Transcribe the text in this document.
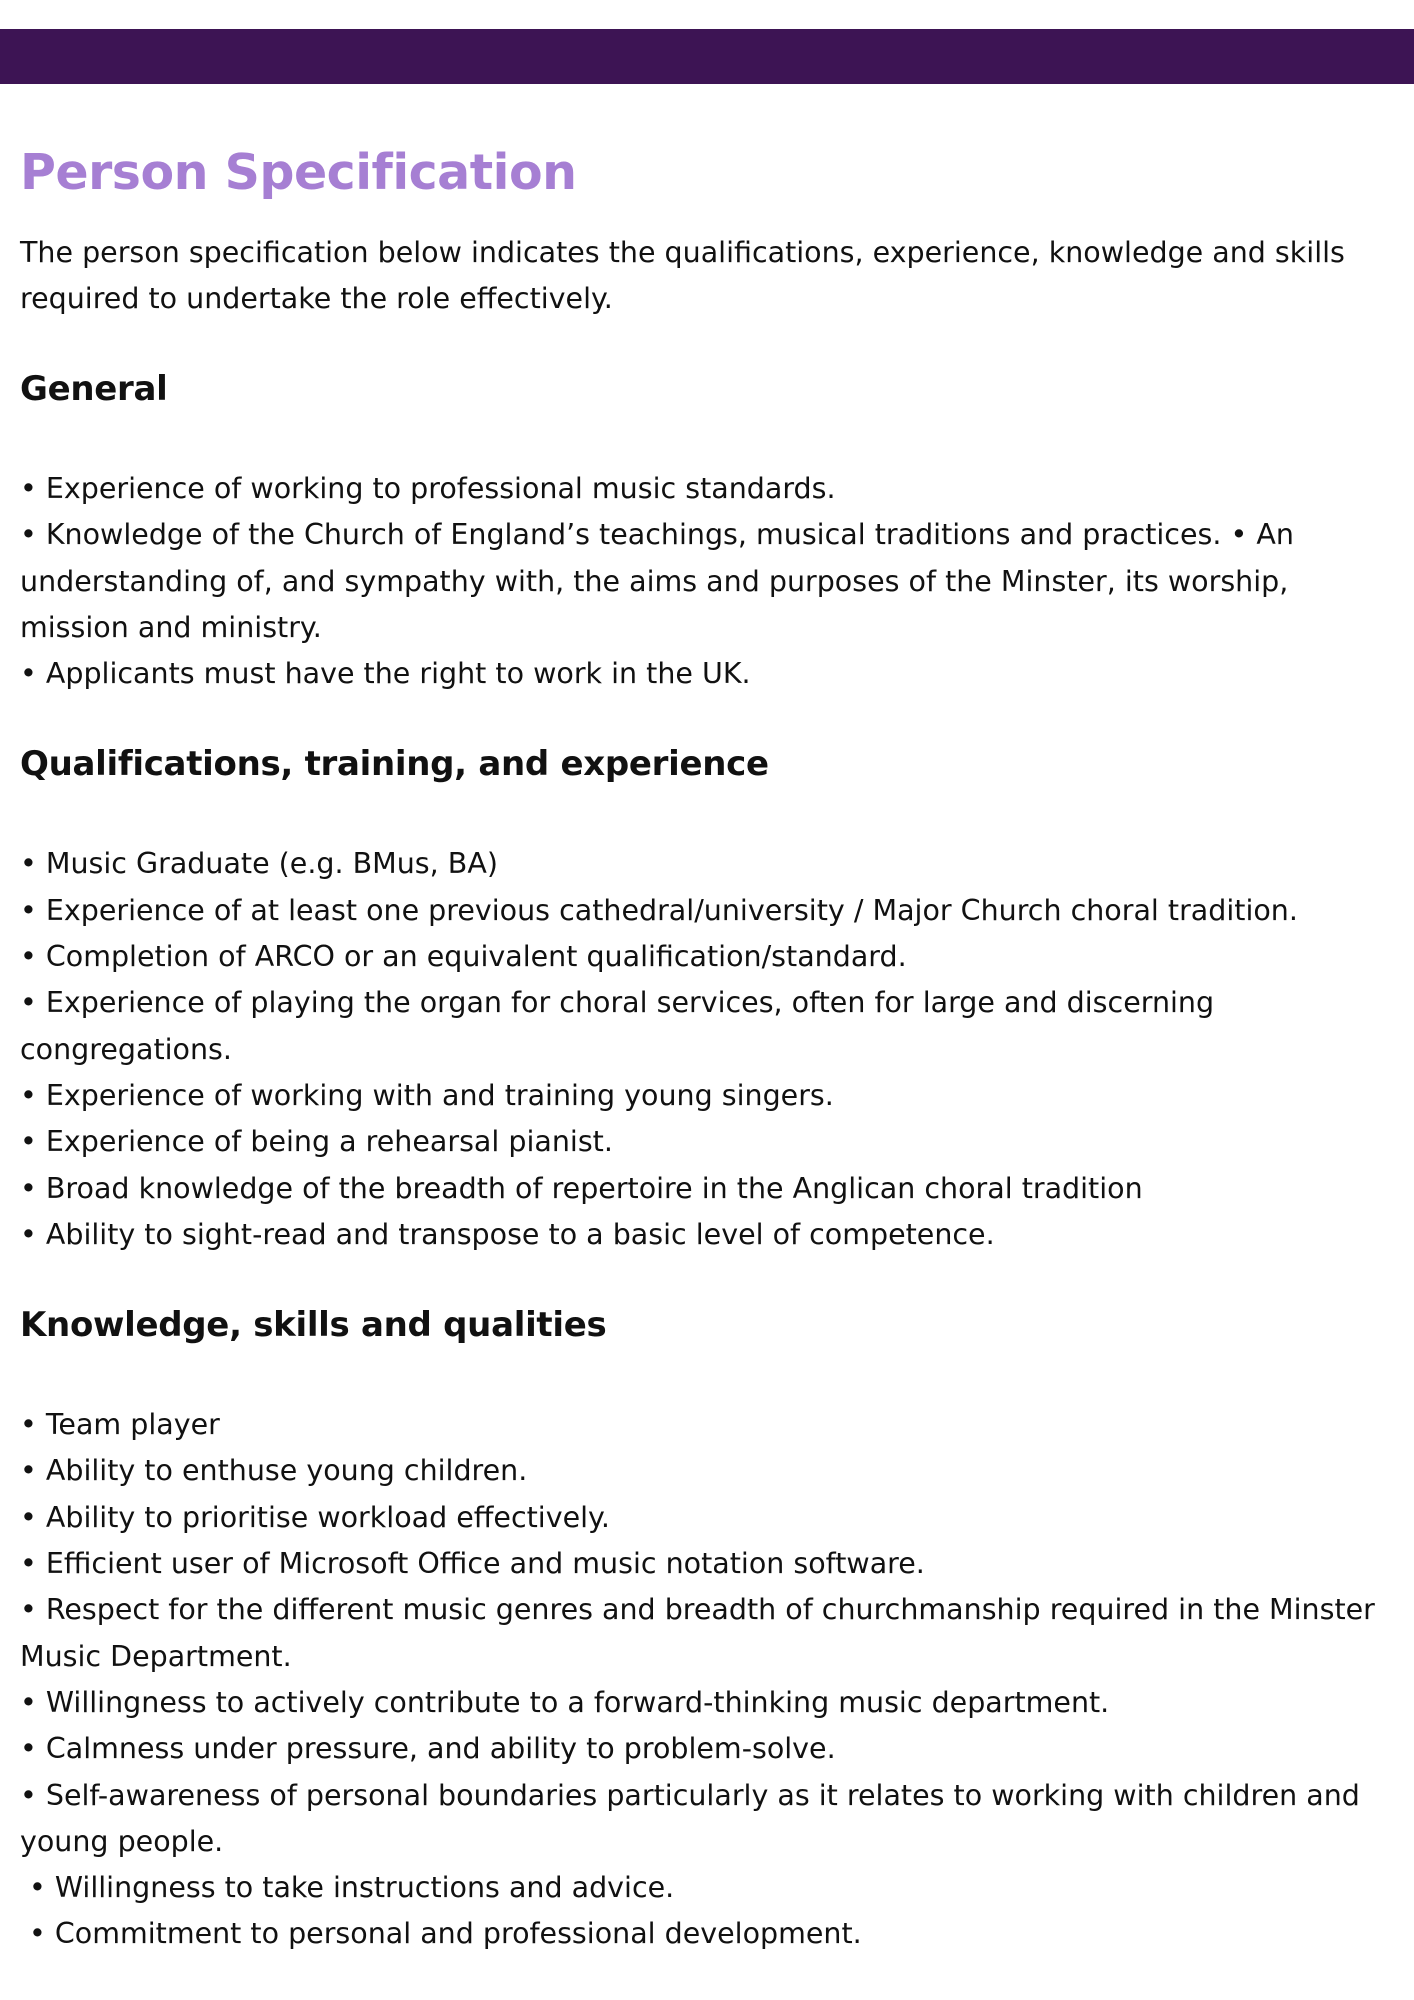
Person Specification

The person specification below indicates the qualifications, experience, knowledge and skills required to undertake the role effectively.

General
• Experience of working to professional music standards.
• Knowledge of the Church of England’s teachings, musical traditions and practices. • An understanding of, and sympathy with, the aims and purposes of the Minster, its worship, mission and ministry.
• Applicants must have the right to work in the UK.
Qualifications, training, and experience
• Music Graduate (e.g. BMus, BA)
• Experience of at least one previous cathedral/university / Major Church choral tradition.
• Completion of ARCO or an equivalent qualification/standard.
• Experience of playing the organ for choral services, often for large and discerning congregations.
• Experience of working with and training young singers.
• Experience of being a rehearsal pianist.
• Broad knowledge of the breadth of repertoire in the Anglican choral tradition
• Ability to sight-read and transpose to a basic level of competence.
Knowledge, skills and qualities
• Team player
• Ability to enthuse young children.
• Ability to prioritise workload effectively.
• Efficient user of Microsoft Office and music notation software.
• Respect for the different music genres and breadth of churchmanship required in the Minster Music Department.
• Willingness to actively contribute to a forward-thinking music department.
• Calmness under pressure, and ability to problem-solve.
• Self-awareness of personal boundaries particularly as it relates to working with children and young people.
• Willingness to take instructions and advice.
• Commitment to personal and professional development.
